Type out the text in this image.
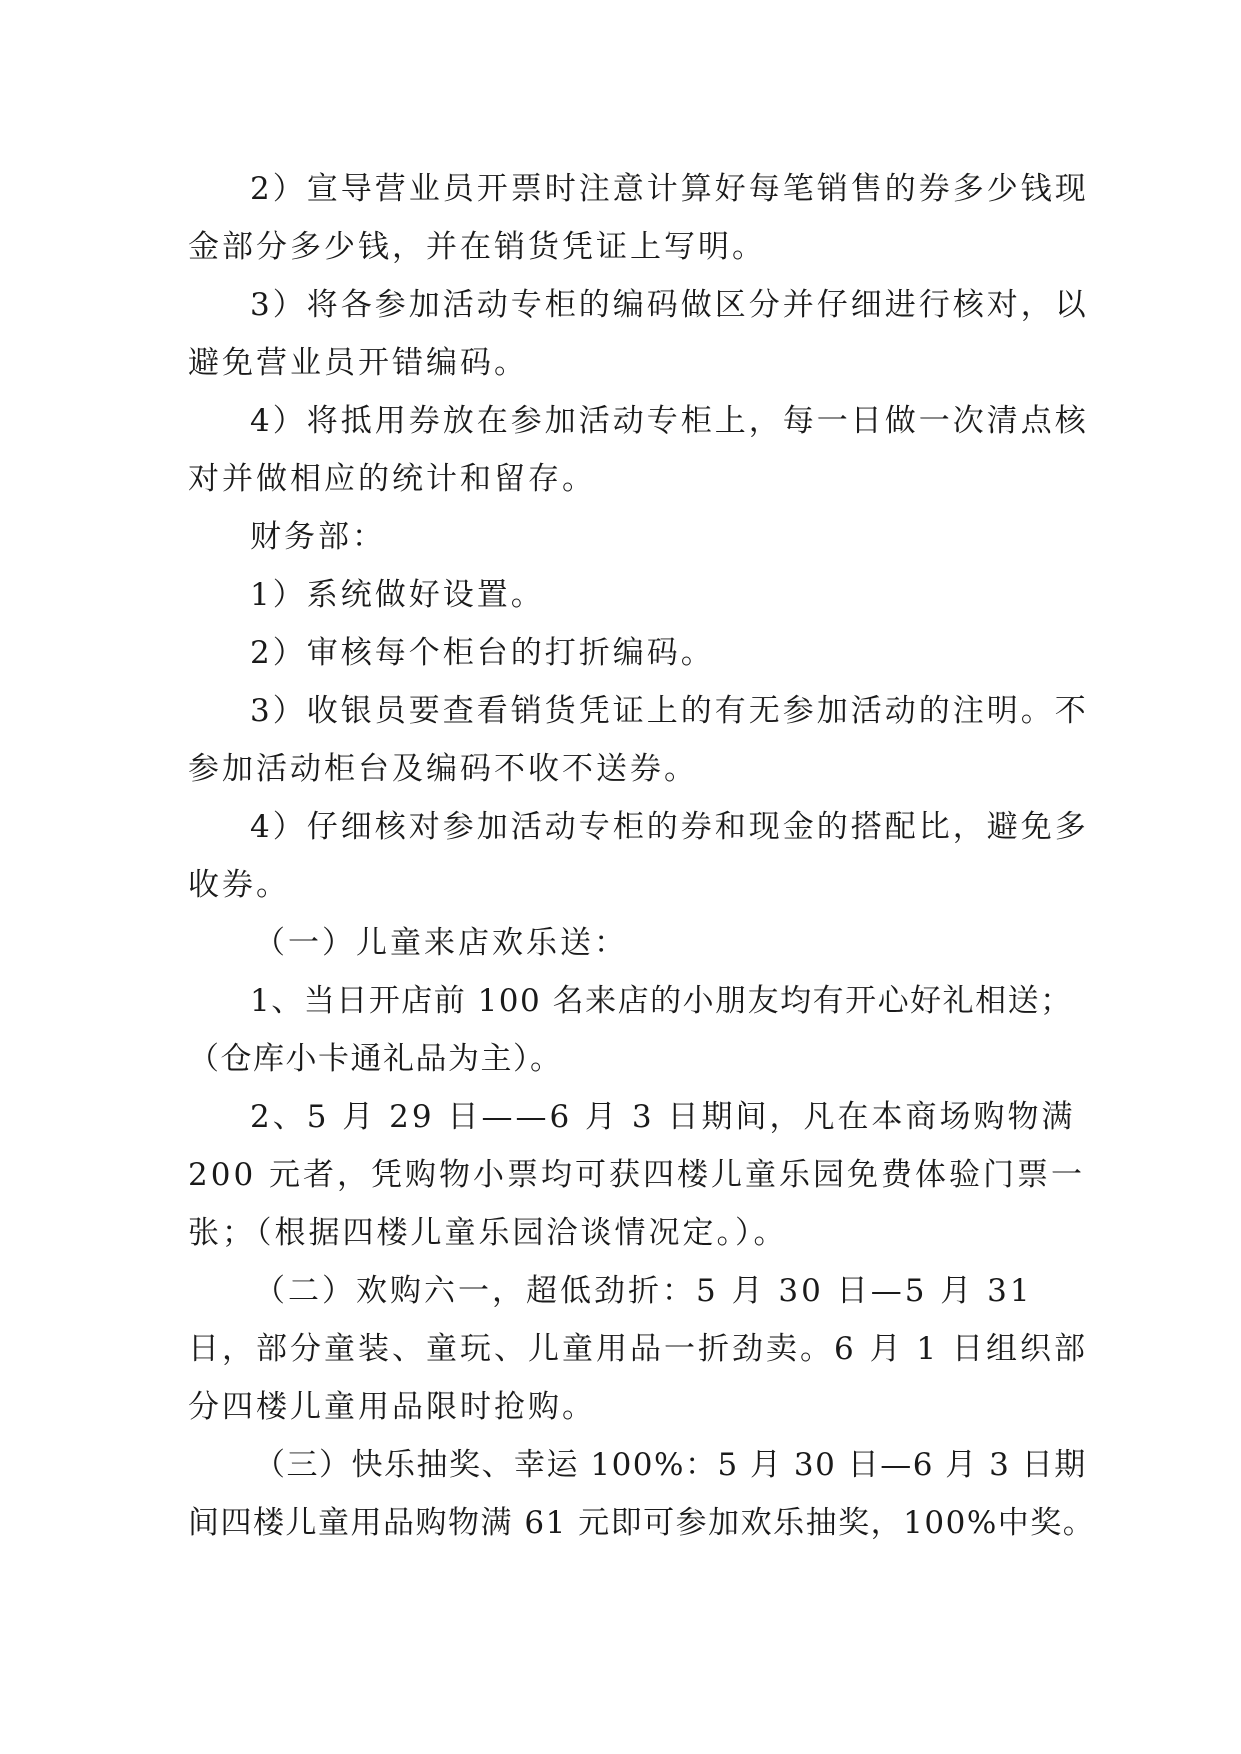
2）宣导营业员开票时注意计算好每笔销售的券多少钱现金部分多少钱，并在销货凭证上写明。

3）将各参加活动专柜的编码做区分并仔细进行核对，以避免营业员开错编码。

4）将抵用券放在参加活动专柜上，每一日做一次清点核对并做相应的统计和留存。

财务部：

1）系统做好设置。

2）审核每个柜台的打折编码。

3）收银员要查看销货凭证上的有无参加活动的注明。不参加活动柜台及编码不收不送券。

4）仔细核对参加活动专柜的券和现金的搭配比，避免多收券。

（一）儿童来店欢乐送：

1、当日开店前 100 名来店的小朋友均有开心好礼相送；（仓库小卡通礼品为主）。

2、5 月 29 日——6 月 3 日期间，凡在本商场购物满 200 元者，凭购物小票均可获四楼儿童乐园免费体验门票一张；（根据四楼儿童乐园洽谈情况定。）。

（二）欢购六一，超低劲折：5 月 30 日—5 月 31 日，部分童装、童玩、儿童用品一折劲卖。6 月 1 日组织部分四楼儿童用品限时抢购。

（三）快乐抽奖、幸运 100%：5 月 30 日—6 月 3 日期间四楼儿童用品购物满 61 元即可参加欢乐抽奖，100%中奖。
